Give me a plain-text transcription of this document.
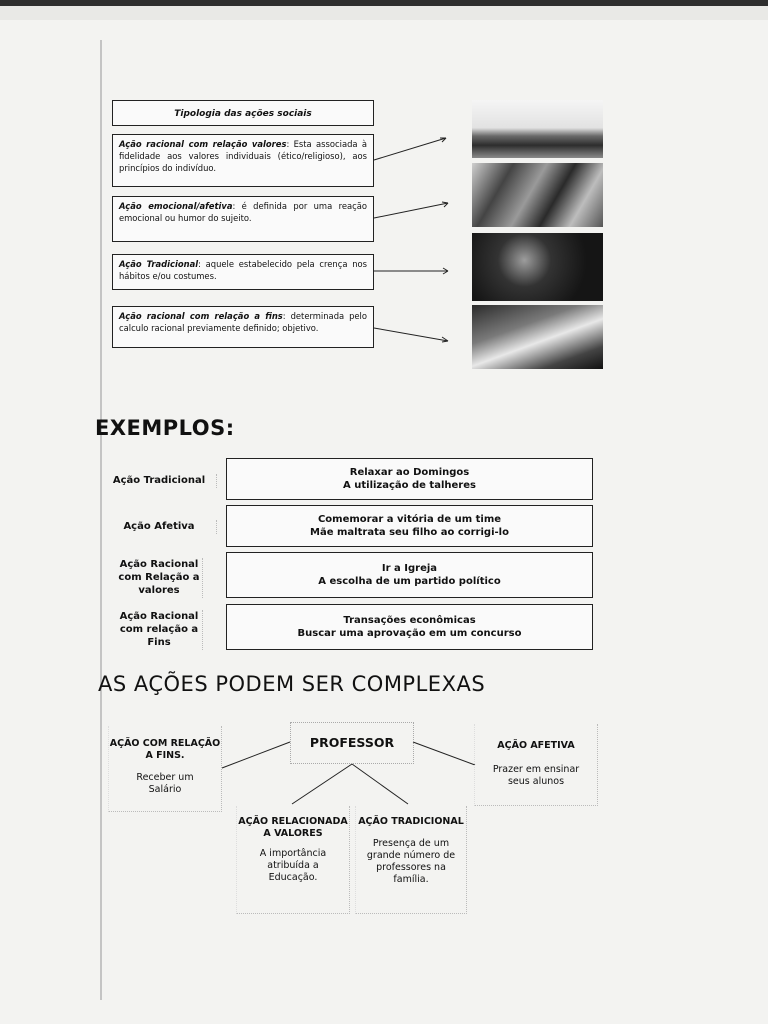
Tipologia das ações sociais
Ação racional com relação valores: Esta associada à fidelidade aos valores individuais (ético/religioso), aos princípios do indivíduo.
Ação emocional/afetiva: é definida por uma reação emocional ou humor do sujeito.
Ação Tradicional: aquele estabelecido pela crença nos hábitos e/ou costumes.
Ação racional com relação a fins: determinada pelo calculo racional previamente definido; objetivo.
EXEMPLOS:
Ação Tradicional
Relaxar ao Domingos
A utilização de talheres
Ação Afetiva
Comemorar a vitória de um time
Mãe maltrata seu filho ao corrigi-lo
Ação Racional com Relação a valores
Ir a Igreja
A escolha de um partido político
Ação Racional com relação a Fins
Transações econômicas
Buscar uma aprovação em um concurso
AS AÇÕES PODEM SER COMPLEXAS
PROFESSOR
AÇÃO COM RELAÇÃO A FINS.
Receber um Salário
AÇÃO AFETIVA
Prazer em ensinar seus alunos
AÇÃO RELACIONADA A VALORES
A importância atribuída a Educação.
AÇÃO TRADICIONAL
Presença de um grande número de professores na família.
